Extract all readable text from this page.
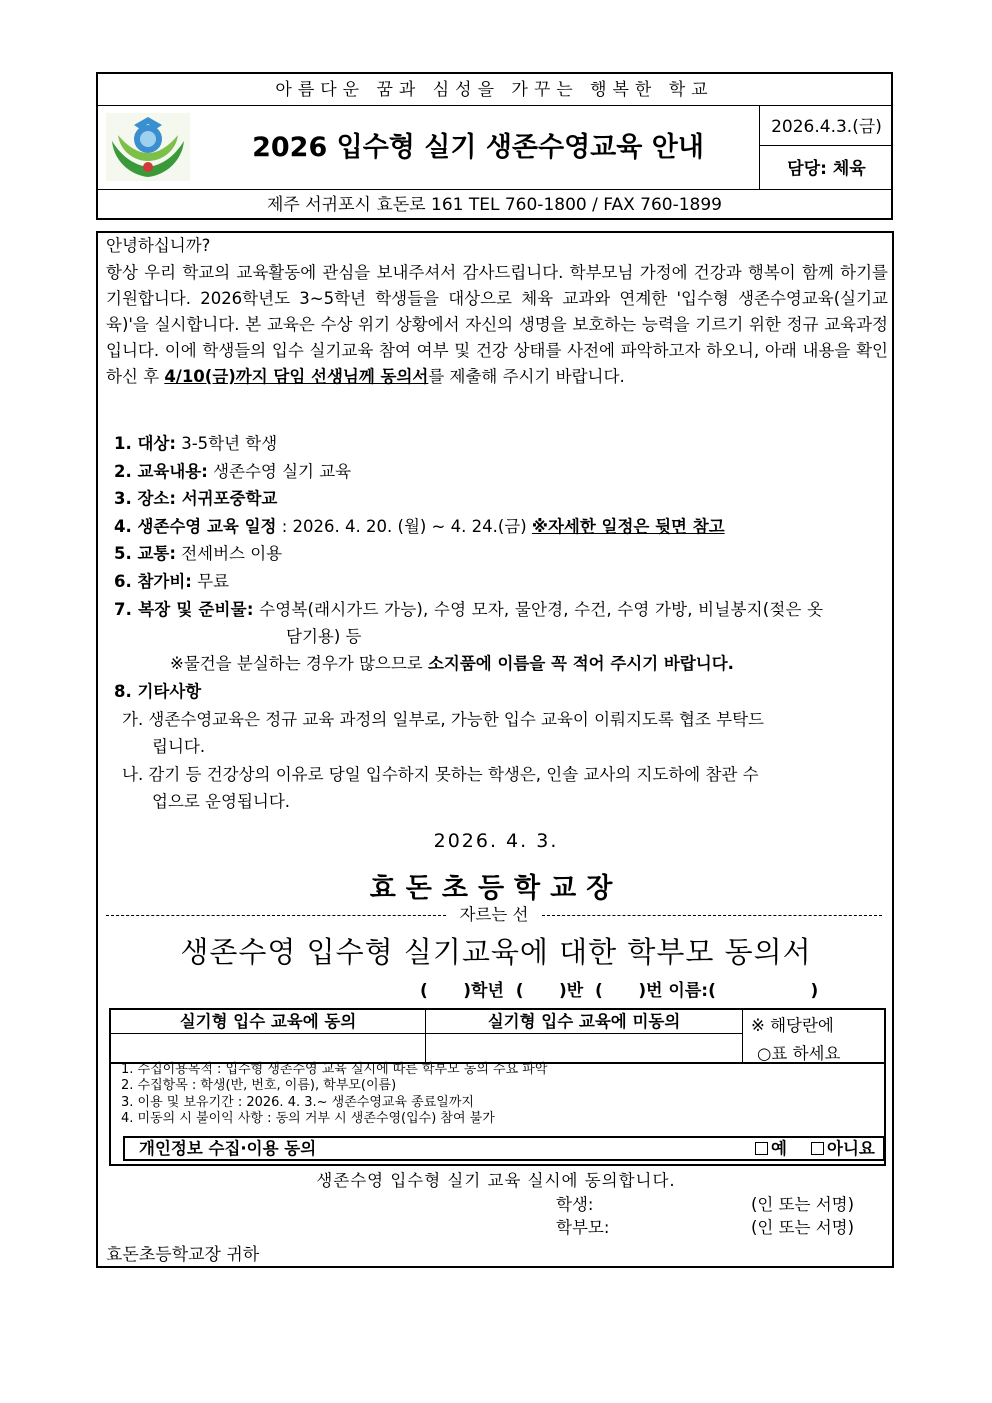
아름다운 꿈과 심성을 가꾸는 행복한 학교
2026 입수형 실기 생존수영교육 안내
2026.4.3.(금)
담당: 체육
제주 서귀포시 효돈로 161 TEL 760-1800 / FAX 760-1899
안녕하십니까?
항상 우리 학교의 교육활동에 관심을 보내주셔서 감사드립니다. 학부모님 가정에 건강과 행복이 함께 하기를 기원합니다. 2026학년도 3~5학년 학생들을 대상으로 체육 교과와 연계한 '입수형 생존수영교육(실기교육)'을 실시합니다. 본 교육은 수상 위기 상황에서 자신의 생명을 보호하는 능력을 기르기 위한 정규 교육과정입니다. 이에 학생들의 입수 실기교육 참여 여부 및 건강 상태를 사전에 파악하고자 하오니, 아래 내용을 확인하신 후 4/10(금)까지 담임 선생님께 동의서를 제출해 주시기 바랍니다.
1. 대상: 3-5학년 학생
2. 교육내용: 생존수영 실기 교육
3. 장소: 서귀포중학교
4. 생존수영 교육 일정 : 2026. 4. 20. (월) ~ 4. 24.(금) ※자세한 일정은 뒷면 참고
5. 교통: 전세버스 이용
6. 참가비: 무료
7. 복장 및 준비물: 수영복(래시가드 가능), 수영 모자, 물안경, 수건, 수영 가방, 비닐봉지(젖은 옷
담기용) 등
※물건을 분실하는 경우가 많으므로 소지품에 이름을 꼭 적어 주시기 바랍니다.
8. 기타사항
가. 생존수영교육은 정규 교육 과정의 일부로, 가능한 입수 교육이 이뤄지도록 협조 부탁드
립니다.
나. 감기 등 건강상의 이유로 당일 입수하지 못하는 학생은, 인솔 교사의 지도하에 참관 수
업으로 운영됩니다.
2026. 4. 3.
효돈초등학교장
자르는 선
생존수영 입수형 실기교육에 대한 학부모 동의서
(      )학년  (      )반  (      )번 이름:(                )
실기형 입수 교육에 동의	실기형 입수 교육에 미동의	※ 해당란에
○표 하세요
1. 수집이용목적 : 입수형 생존수영 교육 실시에 따른 학부모 동의 수요 파악
2. 수집항목 : 학생(반, 번호, 이름), 학부모(이름)
3. 이용 및 보유기간 : 2026. 4. 3.~ 생존수영교육 종료일까지
4. 미동의 시 불이익 사항 : 동의 거부 시 생존수영(입수) 참여 불가
개인정보 수집·이용 동의	예	아니요
생존수영 입수형 실기 교육 실시에 동의합니다.
학생:	(인 또는 서명)
학부모:	(인 또는 서명)
효돈초등학교장 귀하
